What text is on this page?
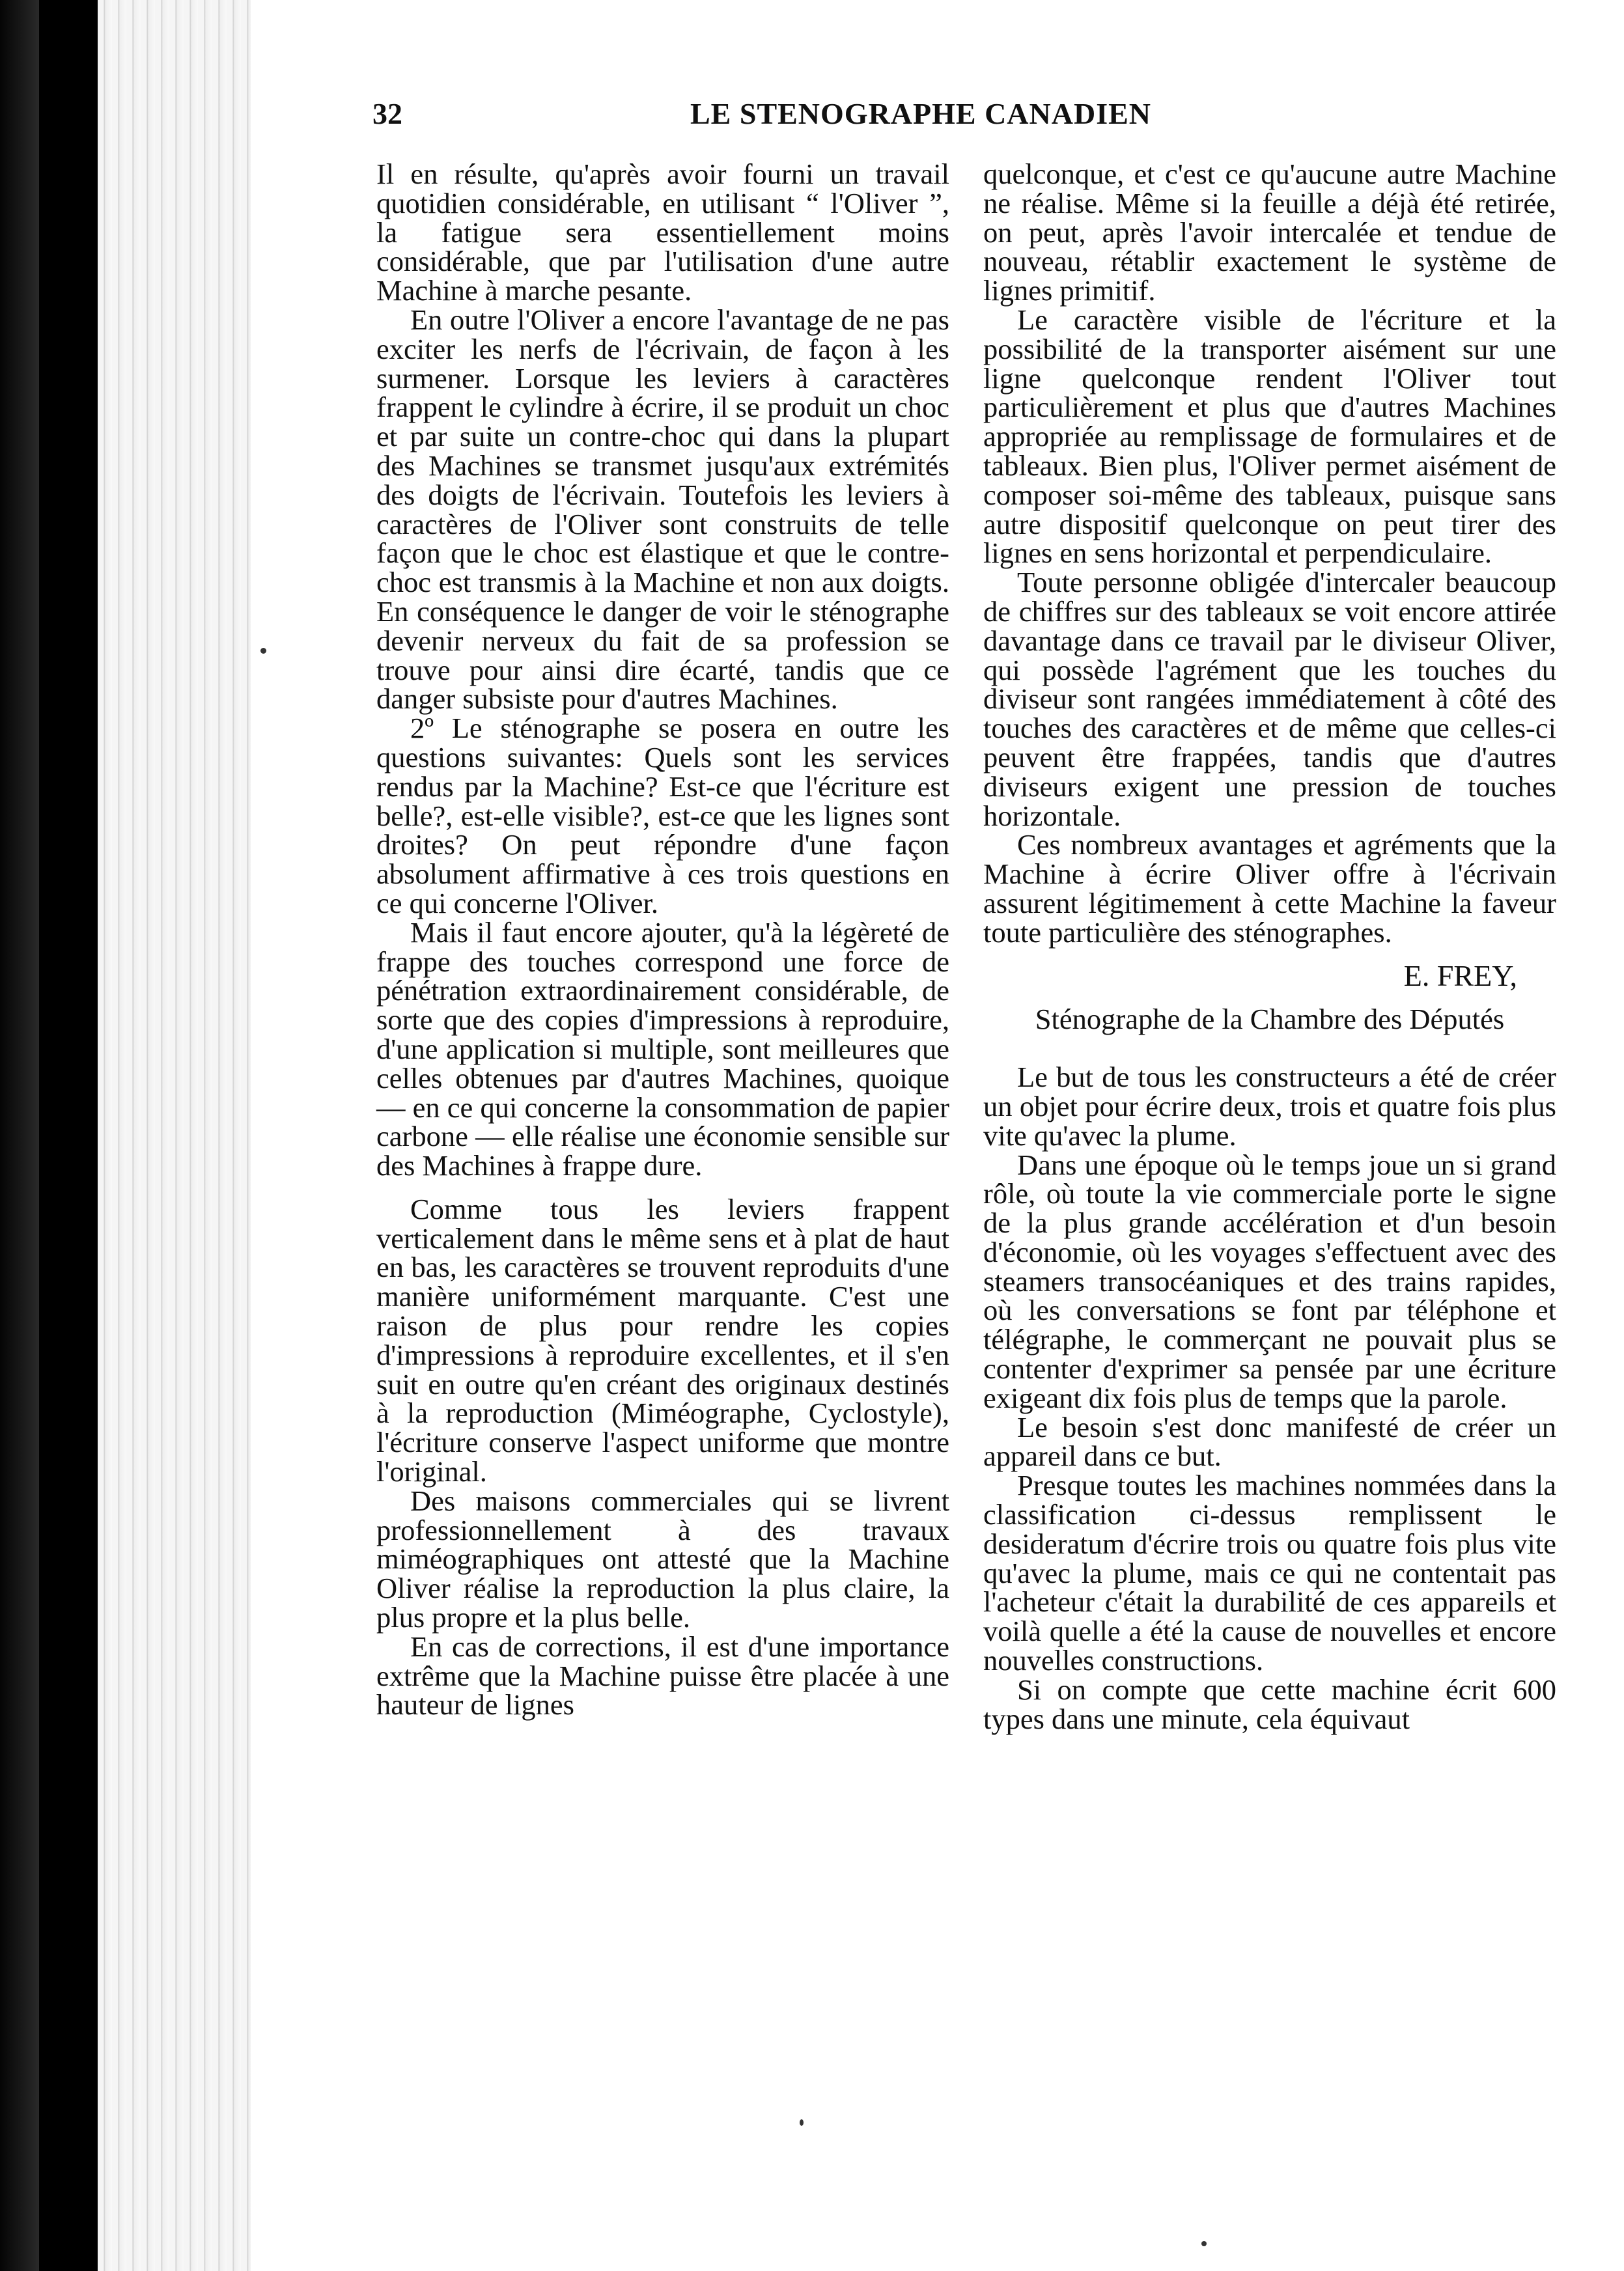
32	LE STENOGRAPHE CANADIEN

Il en résulte, qu'après avoir fourni un travail quotidien considérable, en utilisant “ l'Oliver ”, la fatigue sera essentiellement moins considérable, que par l'utilisation d'une autre Machine à marche pesante.

En outre l'Oliver a encore l'avantage de ne pas exciter les nerfs de l'écrivain, de façon à les surmener. Lorsque les leviers à caractères frappent le cylindre à écrire, il se produit un choc et par suite un contre-choc qui dans la plupart des Machines se transmet jusqu'aux extrémités des doigts de l'écrivain. Toutefois les leviers à caractères de l'Oliver sont construits de telle façon que le choc est élastique et que le contre-choc est transmis à la Machine et non aux doigts. En conséquence le danger de voir le sténographe devenir nerveux du fait de sa profession se trouve pour ainsi dire écarté, tandis que ce danger subsiste pour d'autres Machines.

2º Le sténographe se posera en outre les questions suivantes: Quels sont les services rendus par la Machine? Est-ce que l'écriture est belle?, est-elle visible?, est-ce que les lignes sont droites? On peut répondre d'une façon absolument affirmative à ces trois questions en ce qui concerne l'Oliver.

Mais il faut encore ajouter, qu'à la légèreté de frappe des touches correspond une force de pénétration extraordinairement considérable, de sorte que des copies d'impressions à reproduire, d'une application si multiple, sont meilleures que celles obtenues par d'autres Machines, quoique — en ce qui concerne la consommation de papier carbone — elle réalise une économie sensible sur des Machines à frappe dure.

Comme tous les leviers frappent verticalement dans le même sens et à plat de haut en bas, les caractères se trouvent reproduits d'une manière uniformément marquante. C'est une raison de plus pour rendre les copies d'impressions à reproduire excellentes, et il s'en suit en outre qu'en créant des originaux destinés à la reproduction (Miméographe, Cyclostyle), l'écriture conserve l'aspect uniforme que montre l'original.

Des maisons commerciales qui se livrent professionnellement à des travaux miméographiques ont attesté que la Machine Oliver réalise la reproduction la plus claire, la plus propre et la plus belle.

En cas de corrections, il est d'une importance extrême que la Machine puisse être placée à une hauteur de lignes

quelconque, et c'est ce qu'aucune autre Machine ne réalise. Même si la feuille a déjà été retirée, on peut, après l'avoir intercalée et tendue de nouveau, rétablir exactement le système de lignes primitif.

Le caractère visible de l'écriture et la possibilité de la transporter aisément sur une ligne quelconque rendent l'Oliver tout particulièrement et plus que d'autres Machines appropriée au remplissage de formulaires et de tableaux. Bien plus, l'Oliver permet aisément de composer soi-même des tableaux, puisque sans autre dispositif quelconque on peut tirer des lignes en sens horizontal et perpendiculaire.

Toute personne obligée d'intercaler beaucoup de chiffres sur des tableaux se voit encore attirée davantage dans ce travail par le diviseur Oliver, qui possède l'agrément que les touches du diviseur sont rangées immédiatement à côté des touches des caractères et de même que celles-ci peuvent être frappées, tandis que d'autres diviseurs exigent une pression de touches horizontale.

Ces nombreux avantages et agréments que la Machine à écrire Oliver offre à l'écrivain assurent légitimement à cette Machine la faveur toute particulière des sténographes.

E. FREY,

Sténographe de la Chambre des Députés

Le but de tous les constructeurs a été de créer un objet pour écrire deux, trois et quatre fois plus vite qu'avec la plume.

Dans une époque où le temps joue un si grand rôle, où toute la vie commerciale porte le signe de la plus grande accélération et d'un besoin d'économie, où les voyages s'effectuent avec des steamers transocéaniques et des trains rapides, où les conversations se font par téléphone et télégraphe, le commerçant ne pouvait plus se contenter d'exprimer sa pensée par une écriture exigeant dix fois plus de temps que la parole.

Le besoin s'est donc manifesté de créer un appareil dans ce but.

Presque toutes les machines nommées dans la classification ci-dessus remplissent le desideratum d'écrire trois ou quatre fois plus vite qu'avec la plume, mais ce qui ne contentait pas l'acheteur c'était la durabilité de ces appareils et voilà quelle a été la cause de nouvelles et encore nouvelles constructions.

Si on compte que cette machine écrit 600 types dans une minute, cela équivaut
